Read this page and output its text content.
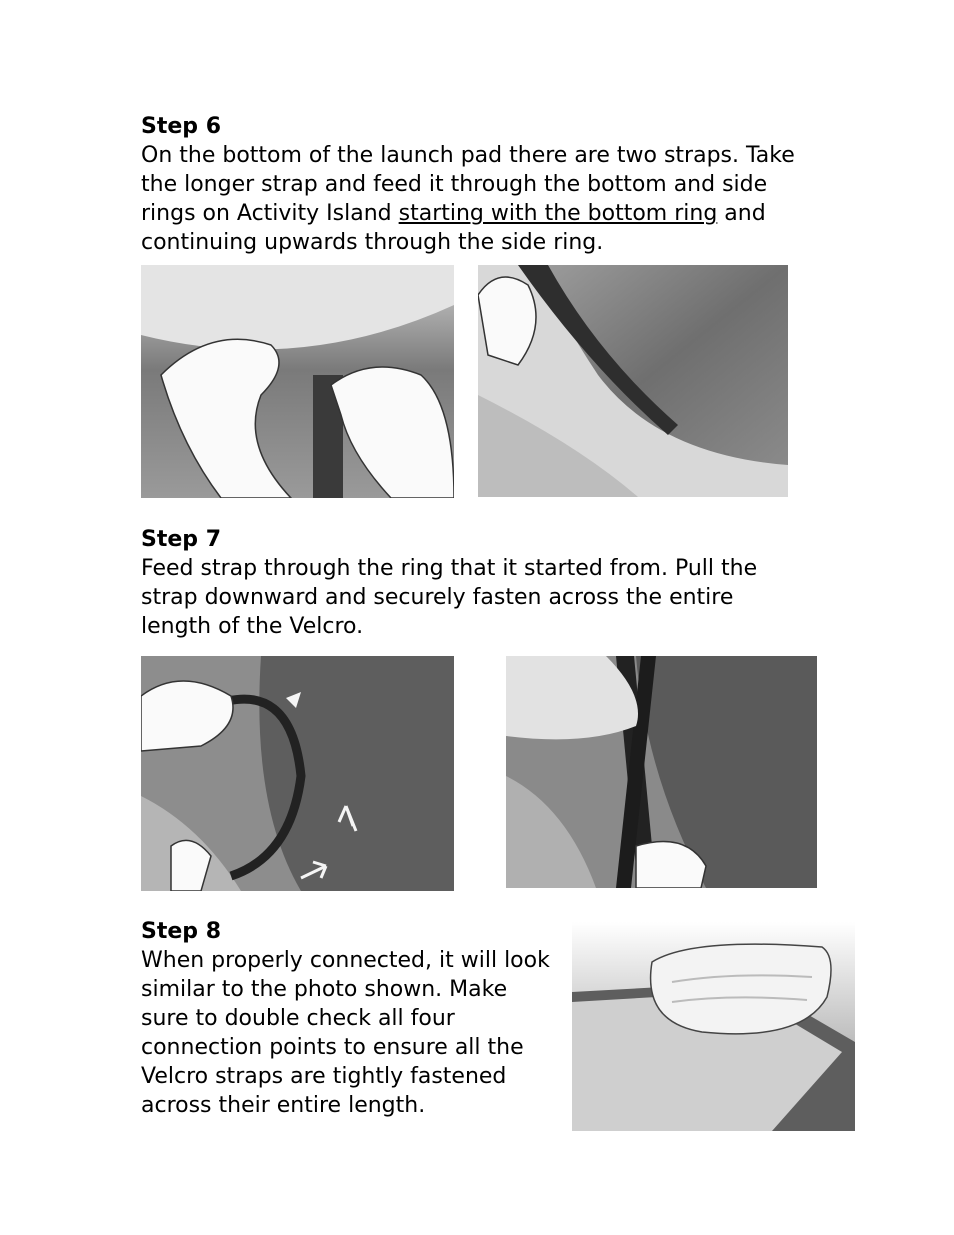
Step 6
On the bottom of the launch pad there are two straps. Take the longer strap and feed it through the bottom and side rings on Activity Island starting with the bottom ring and continuing upwards through the side ring.
Step 7
Feed strap through the ring that it started from. Pull the strap downward and securely fasten across the entire length of the Velcro.
Step 8
When properly connected, it will look similar to the photo shown. Make sure to double check all four connection points to ensure all the Velcro straps are tightly fastened across their entire length.
